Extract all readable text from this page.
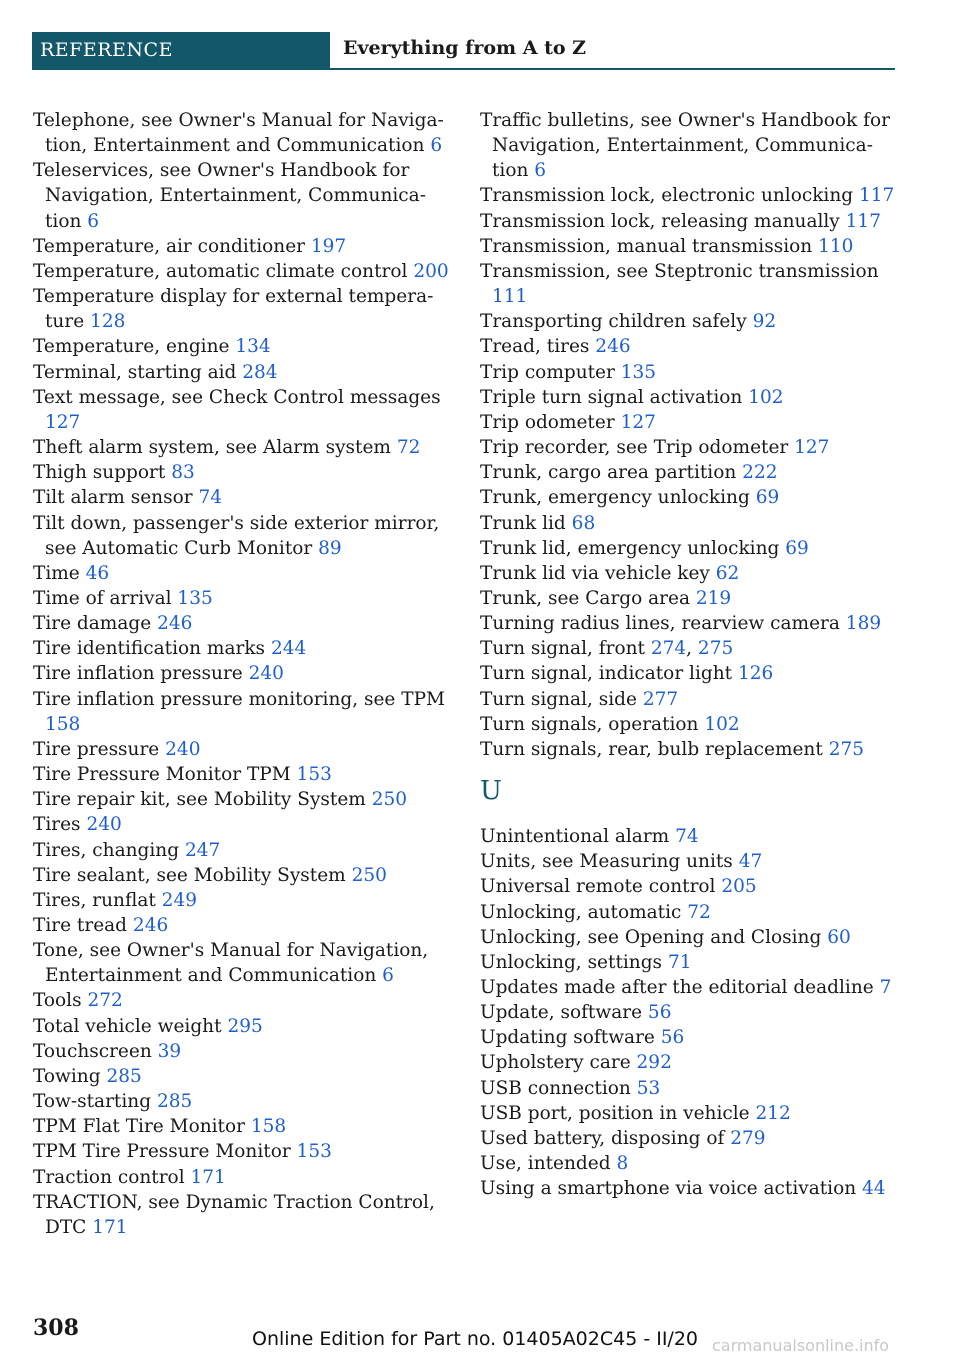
REFERENCE	Everything from A to Z

Telephone, see Owner's Manual for Navigation, Entertainment and Communication 6

Teleservices, see Owner's Handbook for Navigation, Entertainment, Communication 6

Temperature, air conditioner 197

Temperature, automatic climate control 200

Temperature display for external temperature 128

Temperature, engine 134

Terminal, starting aid 284

Text message, see Check Control messages 127

Theft alarm system, see Alarm system 72

Thigh support 83

Tilt alarm sensor 74

Tilt down, passenger's side exterior mirror, see Automatic Curb Monitor 89

Time 46

Time of arrival 135

Tire damage 246

Tire identification marks 244

Tire inflation pressure 240

Tire inflation pressure monitoring, see TPM 158

Tire pressure 240

Tire Pressure Monitor TPM 153

Tire repair kit, see Mobility System 250

Tires 240

Tires, changing 247

Tire sealant, see Mobility System 250

Tires, runflat 249

Tire tread 246

Tone, see Owner's Manual for Navigation, Entertainment and Communication 6

Tools 272

Total vehicle weight 295

Touchscreen 39

Towing 285

Tow-starting 285

TPM Flat Tire Monitor 158

TPM Tire Pressure Monitor 153

Traction control 171

TRACTION, see Dynamic Traction Control, DTC 171

Traffic bulletins, see Owner's Handbook for Navigation, Entertainment, Communication 6

Transmission lock, electronic unlocking 117

Transmission lock, releasing manually 117

Transmission, manual transmission 110

Transmission, see Steptronic transmission 111

Transporting children safely 92

Tread, tires 246

Trip computer 135

Triple turn signal activation 102

Trip odometer 127

Trip recorder, see Trip odometer 127

Trunk, cargo area partition 222

Trunk, emergency unlocking 69

Trunk lid 68

Trunk lid, emergency unlocking 69

Trunk lid via vehicle key 62

Trunk, see Cargo area 219

Turning radius lines, rearview camera 189

Turn signal, front 274, 275

Turn signal, indicator light 126

Turn signal, side 277

Turn signals, operation 102

Turn signals, rear, bulb replacement 275

U

Unintentional alarm 74

Units, see Measuring units 47

Universal remote control 205

Unlocking, automatic 72

Unlocking, see Opening and Closing 60

Unlocking, settings 71

Updates made after the editorial deadline 7

Update, software 56

Updating software 56

Upholstery care 292

USB connection 53

USB port, position in vehicle 212

Used battery, disposing of 279

Use, intended 8

Using a smartphone via voice activation 44

308	Online Edition for Part no. 01405A02C45 - II/20 carmanualsonline.info
